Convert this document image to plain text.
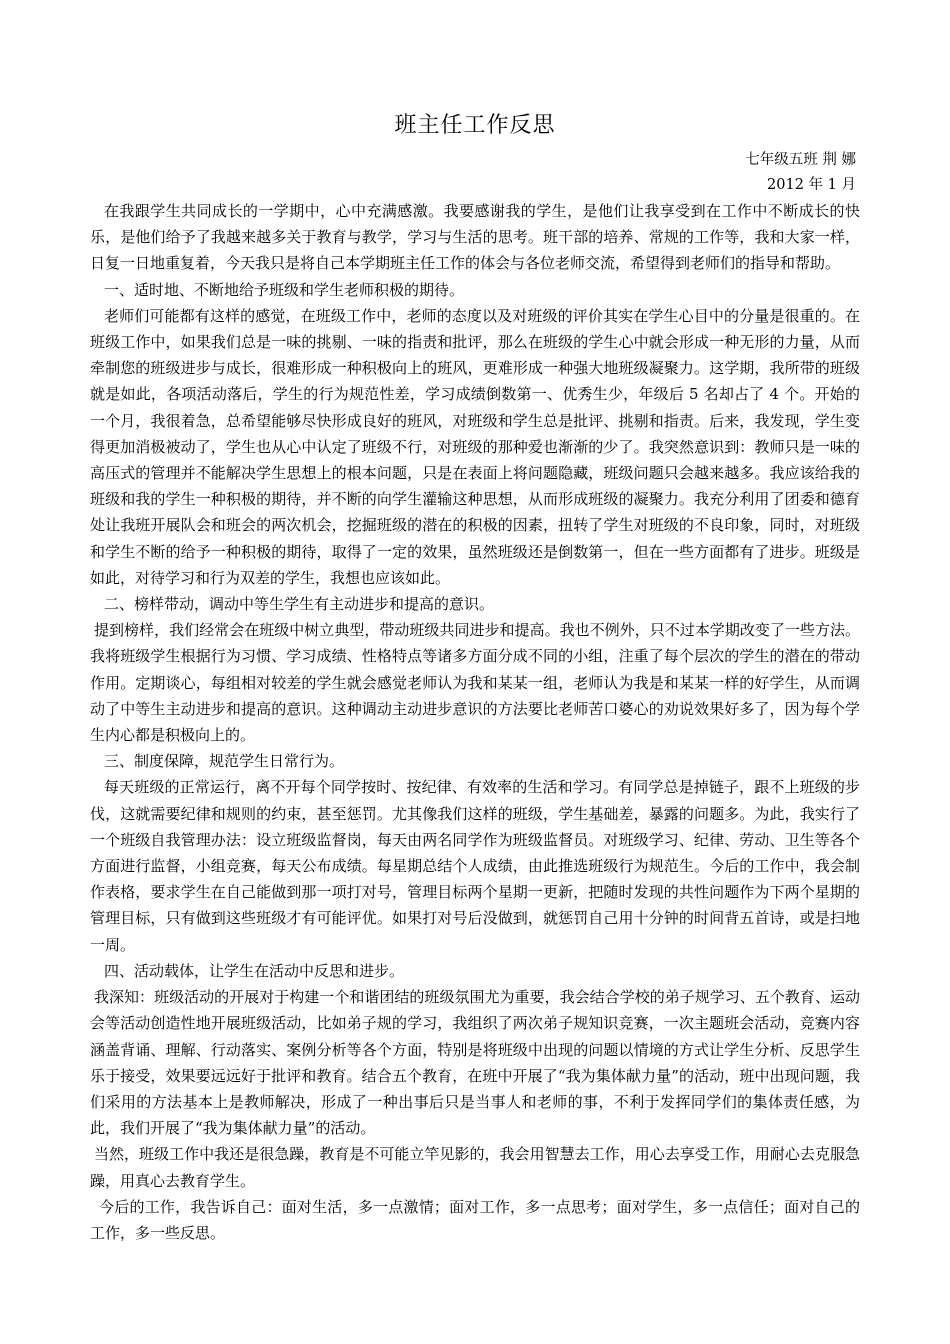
班主任工作反思
七年级五班 荆 娜
2012 年 1 月

在我跟学生共同成长的一学期中，心中充满感激。我要感谢我的学生，是他们让我享受到在工作中不断成长的快乐，是他们给予了我越来越多关于教育与教学，学习与生活的思考。班干部的培养、常规的工作等，我和大家一样，日复一日地重复着，今天我只是将自己本学期班主任工作的体会与各位老师交流，希望得到老师们的指导和帮助。

一、适时地、不断地给予班级和学生老师积极的期待。

老师们可能都有这样的感觉，在班级工作中，老师的态度以及对班级的评价其实在学生心目中的分量是很重的。在班级工作中，如果我们总是一味的挑剔、一味的指责和批评，那么在班级的学生心中就会形成一种无形的力量，从而牵制您的班级进步与成长，很难形成一种积极向上的班风，更难形成一种强大地班级凝聚力。这学期，我所带的班级就是如此，各项活动落后，学生的行为规范性差，学习成绩倒数第一、优秀生少，年级后 5 名却占了 4 个。开始的一个月，我很着急，总希望能够尽快形成良好的班风，对班级和学生总是批评、挑剔和指责。后来，我发现，学生变得更加消极被动了，学生也从心中认定了班级不行，对班级的那种爱也渐渐的少了。我突然意识到：教师只是一味的高压式的管理并不能解决学生思想上的根本问题，只是在表面上将问题隐藏，班级问题只会越来越多。我应该给我的班级和我的学生一种积极的期待，并不断的向学生灌输这种思想，从而形成班级的凝聚力。我充分利用了团委和德育处让我班开展队会和班会的两次机会，挖掘班级的潜在的积极的因素，扭转了学生对班级的不良印象，同时，对班级和学生不断的给予一种积极的期待，取得了一定的效果，虽然班级还是倒数第一，但在一些方面都有了进步。班级是如此，对待学习和行为双差的学生，我想也应该如此。

二、榜样带动，调动中等生学生有主动进步和提高的意识。

提到榜样，我们经常会在班级中树立典型，带动班级共同进步和提高。我也不例外，只不过本学期改变了一些方法。我将班级学生根据行为习惯、学习成绩、性格特点等诸多方面分成不同的小组，注重了每个层次的学生的潜在的带动作用。定期谈心，每组相对较差的学生就会感觉老师认为我和某某一组，老师认为我是和某某一样的好学生，从而调动了中等生主动进步和提高的意识。这种调动主动进步意识的方法要比老师苦口婆心的劝说效果好多了，因为每个学生内心都是积极向上的。

三、制度保障，规范学生日常行为。

每天班级的正常运行，离不开每个同学按时、按纪律、有效率的生活和学习。有同学总是掉链子，跟不上班级的步伐，这就需要纪律和规则的约束，甚至惩罚。尤其像我们这样的班级，学生基础差，暴露的问题多。为此，我实行了一个班级自我管理办法：设立班级监督岗，每天由两名同学作为班级监督员。对班级学习、纪律、劳动、卫生等各个方面进行监督，小组竞赛，每天公布成绩。每星期总结个人成绩，由此推选班级行为规范生。今后的工作中，我会制作表格，要求学生在自己能做到那一项打对号，管理目标两个星期一更新，把随时发现的共性问题作为下两个星期的管理目标，只有做到这些班级才有可能评优。如果打对号后没做到，就惩罚自己用十分钟的时间背五首诗，或是扫地一周。

四、活动载体，让学生在活动中反思和进步。

我深知：班级活动的开展对于构建一个和谐团结的班级氛围尤为重要，我会结合学校的弟子规学习、五个教育、运动会等活动创造性地开展班级活动，比如弟子规的学习，我组织了两次弟子规知识竞赛，一次主题班会活动，竞赛内容涵盖背诵、理解、行动落实、案例分析等各个方面，特别是将班级中出现的问题以情境的方式让学生分析、反思学生乐于接受，效果要远远好于批评和教育。结合五个教育，在班中开展了“我为集体献力量”的活动，班中出现问题，我们采用的方法基本上是教师解决，形成了一种出事后只是当事人和老师的事，不利于发挥同学们的集体责任感，为此，我们开展了“我为集体献力量”的活动。

当然，班级工作中我还是很急躁，教育是不可能立竿见影的，我会用智慧去工作，用心去享受工作，用耐心去克服急躁，用真心去教育学生。

今后的工作，我告诉自己：面对生活，多一点激情；面对工作，多一点思考；面对学生，多一点信任；面对自己的工作，多一些反思。
